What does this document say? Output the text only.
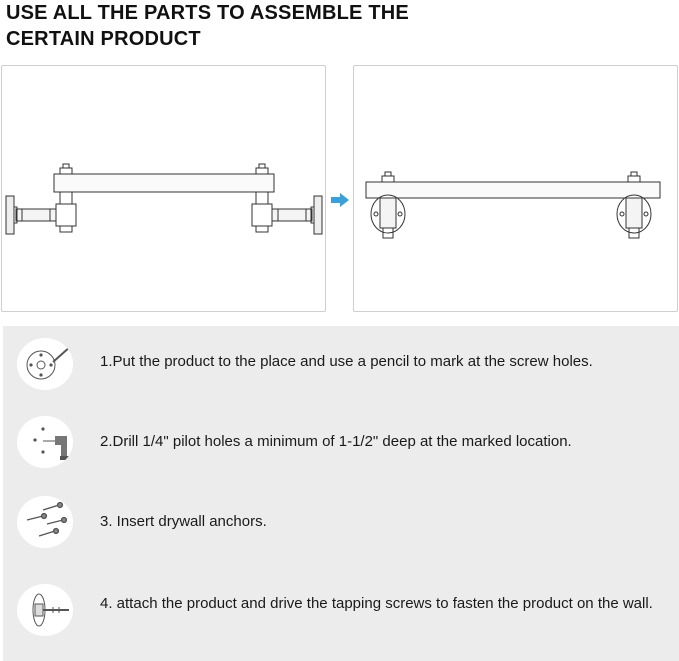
USE ALL THE PARTS TO ASSEMBLE THE
CERTAIN PRODUCT
1.Put the product to the place and use a pencil to mark at the screw holes.
2.Drill 1/4" pilot holes a minimum of 1-1/2" deep at the marked location.
3. Insert drywall anchors.
4. attach the product and drive the tapping screws to fasten the product on the wall.
